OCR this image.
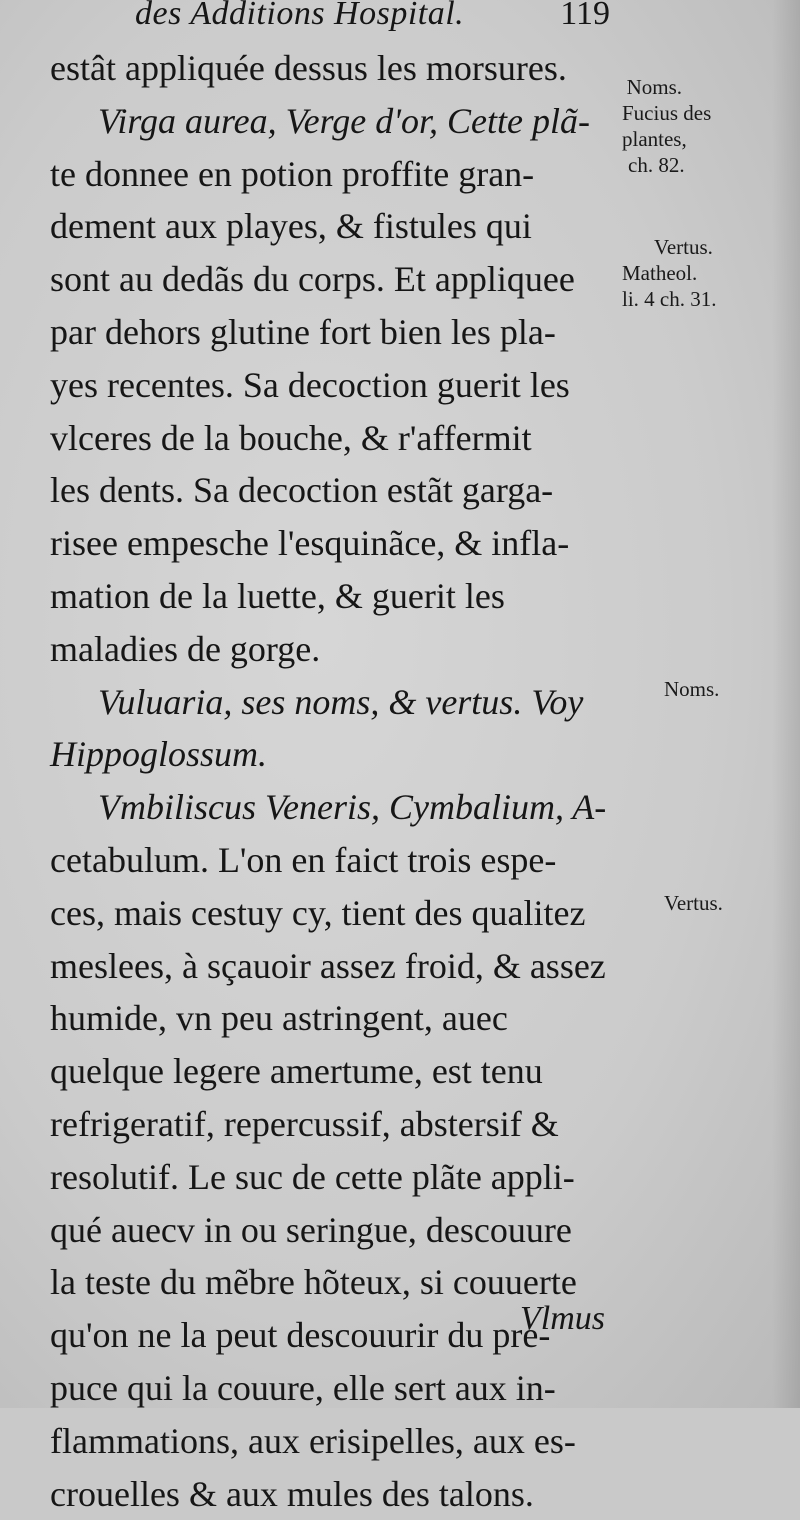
des Additions Hospital.	119
estât appliquée dessus les morsures.
Virga aurea, Verge d'or, Cette plã-
te donnee en potion proffite gran-
dement aux playes, & fistules qui
sont au dedãs du corps. Et appliquee
par dehors glutine fort bien les pla-
yes recentes. Sa decoction guerit les
vlceres de la bouche, & r'affermit
les dents. Sa decoction estãt garga-
risee empesche l'esquinãce, & infla-
mation de la luette, & guerit les
maladies de gorge.
Vuluaria, ses noms, & vertus. Voy
Hippoglossum.
Vmbiliscus Veneris, Cymbalium, A-
cetabulum. L'on en faict trois espe-
ces, mais cestuy cy, tient des qualitez
meslees, à sçauoir assez froid, & assez
humide, vn peu astringent, auec
quelque legere amertume, est tenu
refrigeratif, repercussif, abstersif &
resolutif. Le suc de cette plãte appli-
qué auecv in ou seringue, descouure
la teste du mẽbre hõteux, si couuerte
qu'on ne la peut descouurir du pre-
puce qui la couure, elle sert aux in-
flammations, aux erisipelles, aux es-
crouelles & aux mules des talons.
Vlmus
Noms.
Fucius des
plantes,
ch. 82.
Vertus.
Matheol.
li. 4 ch. 31.
Noms.
Vertus.
